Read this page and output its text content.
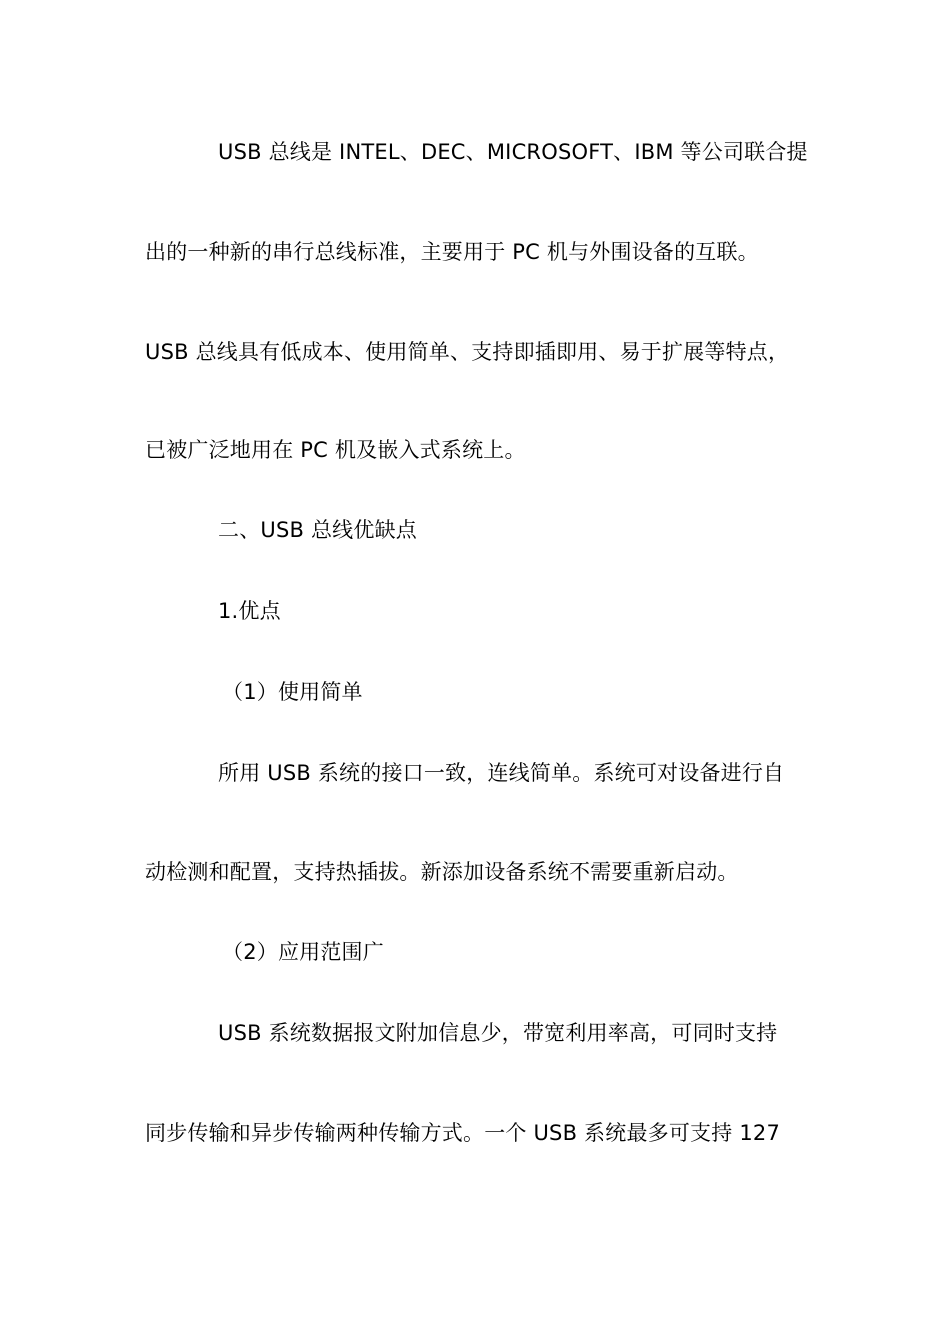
USB 总线是 INTEL、DEC、MICROSOFT、IBM 等公司联合提
出的一种新的串行总线标准，主要用于 PC 机与外围设备的互联。
USB 总线具有低成本、使用简单、支持即插即用、易于扩展等特点，
已被广泛地用在 PC 机及嵌入式系统上。
二、USB 总线优缺点
1.优点
（1）使用简单
所用 USB 系统的接口一致，连线简单。系统可对设备进行自
动检测和配置，支持热插拔。新添加设备系统不需要重新启动。
（2）应用范围广
USB 系统数据报文附加信息少，带宽利用率高，可同时支持
同步传输和异步传输两种传输方式。一个 USB 系统最多可支持 127
